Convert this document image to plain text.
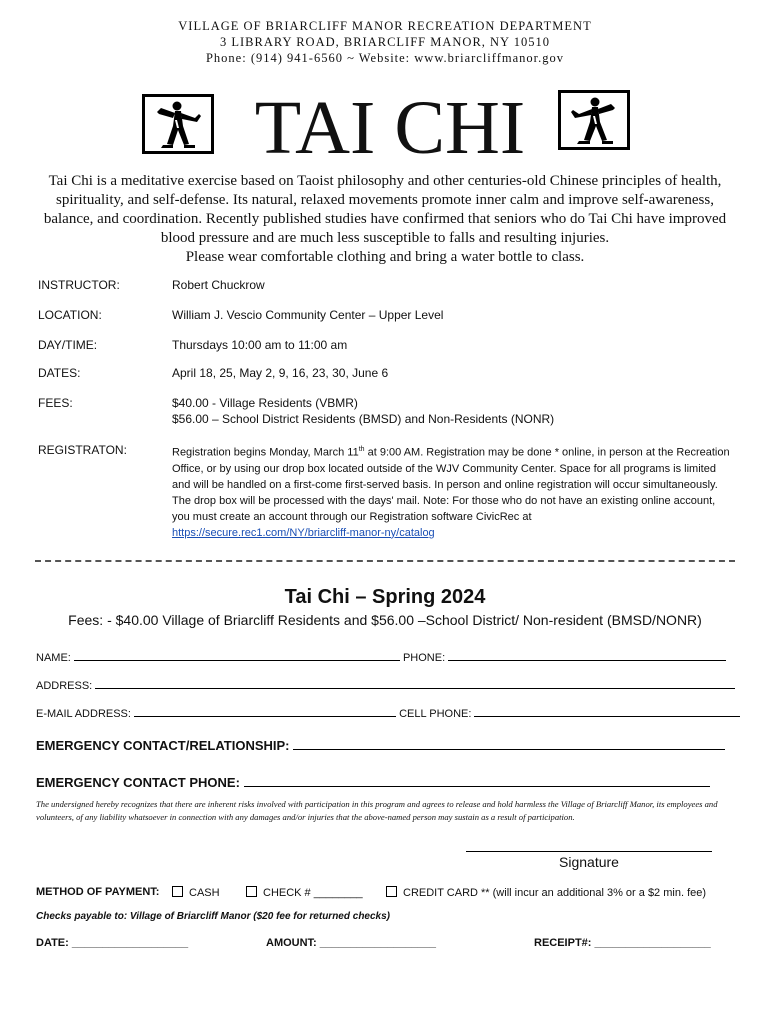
VILLAGE OF BRIARCLIFF MANOR RECREATION DEPARTMENT
3 LIBRARY ROAD, BRIARCLIFF MANOR, NY 10510
Phone: (914) 941-6560 ~ Website: www.briarcliffmanor.gov
TAI CHI
Tai Chi is a meditative exercise based on Taoist philosophy and other centuries-old Chinese principles of health, spirituality, and self-defense. Its natural, relaxed movements promote inner calm and improve self-awareness, balance, and coordination. Recently published studies have confirmed that seniors who do Tai Chi have improved blood pressure and are much less susceptible to falls and resulting injuries.
Please wear comfortable clothing and bring a water bottle to class.
INSTRUCTOR:	Robert Chuckrow
LOCATION:	William J. Vescio Community Center – Upper Level
DAY/TIME:	Thursdays 10:00 am to 11:00 am
DATES:	April 18, 25, May 2, 9, 16, 23, 30, June 6
FEES:	$40.00 - Village Residents (VBMR)
$56.00 – School District Residents (BMSD) and Non-Residents (NONR)
REGISTRATON:	Registration begins Monday, March 11th at 9:00 AM. Registration may be done * online, in person at the Recreation Office, or by using our drop box located outside of the WJV Community Center. Space for all programs is limited and will be handled on a first-come first-served basis. In person and online registration will occur simultaneously. The drop box will be processed with the days' mail. Note: For those who do not have an existing online account, you must create an account through our Registration software CivicRec at
https://secure.rec1.com/NY/briarcliff-manor-ny/catalog
Tai Chi – Spring 2024
Fees: - $40.00 Village of Briarcliff Residents and $56.00 –School District/ Non-resident (BMSD/NONR)
NAME:	PHONE:
ADDRESS:
E-MAIL ADDRESS:	CELL PHONE:
EMERGENCY CONTACT/RELATIONSHIP:
EMERGENCY CONTACT PHONE:
The undersigned hereby recognizes that there are inherent risks involved with participation in this program and agrees to release and hold harmless the Village of Briarcliff Manor, its employees and volunteers, of any liability whatsoever in connection with any damages and/or injuries that the above-named person may sustain as a result of participation.
Signature
METHOD OF PAYMENT:	CASH	CHECK # ________	CREDIT CARD ** (will incur an additional 3% or a $2 min. fee)
Checks payable to: Village of Briarcliff Manor ($20 fee for returned checks)
DATE: ___________________	AMOUNT: ___________________	RECEIPT#: ___________________
